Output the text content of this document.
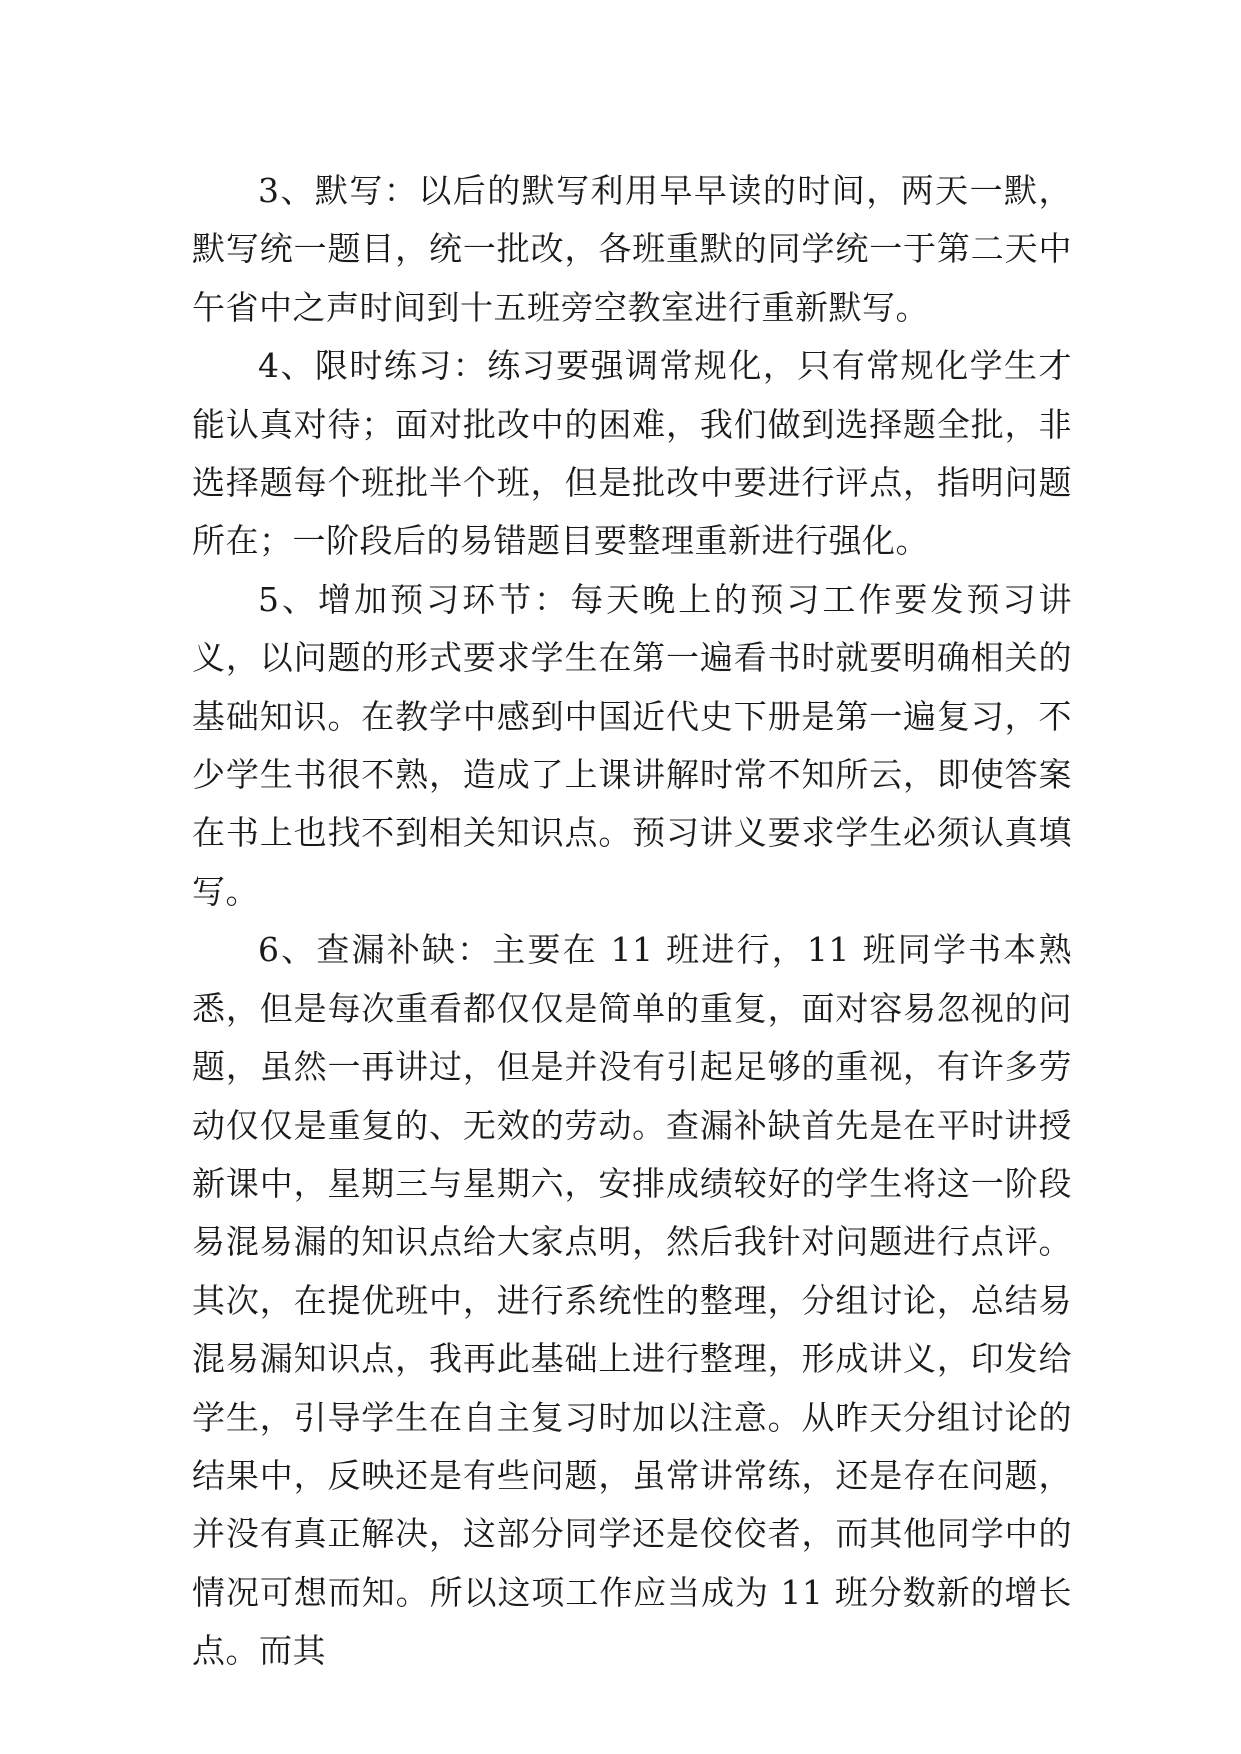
3、默写：以后的默写利用早早读的时间，两天一默，默写统一题目，统一批改，各班重默的同学统一于第二天中午省中之声时间到十五班旁空教室进行重新默写。

4、限时练习：练习要强调常规化，只有常规化学生才能认真对待；面对批改中的困难，我们做到选择题全批，非选择题每个班批半个班，但是批改中要进行评点，指明问题所在；一阶段后的易错题目要整理重新进行强化。

5、增加预习环节：每天晚上的预习工作要发预习讲义，以问题的形式要求学生在第一遍看书时就要明确相关的基础知识。在教学中感到中国近代史下册是第一遍复习，不少学生书很不熟，造成了上课讲解时常不知所云，即使答案在书上也找不到相关知识点。预习讲义要求学生必须认真填写。

6、查漏补缺：主要在 11 班进行，11 班同学书本熟悉，但是每次重看都仅仅是简单的重复，面对容易忽视的问题，虽然一再讲过，但是并没有引起足够的重视，有许多劳动仅仅是重复的、无效的劳动。查漏补缺首先是在平时讲授新课中，星期三与星期六，安排成绩较好的学生将这一阶段易混易漏的知识点给大家点明，然后我针对问题进行点评。其次，在提优班中，进行系统性的整理，分组讨论，总结易混易漏知识点，我再此基础上进行整理，形成讲义，印发给学生，引导学生在自主复习时加以注意。从昨天分组讨论的结果中，反映还是有些问题，虽常讲常练，还是存在问题，并没有真正解决，这部分同学还是佼佼者，而其他同学中的情况可想而知。所以这项工作应当成为 11 班分数新的增长点。而其
